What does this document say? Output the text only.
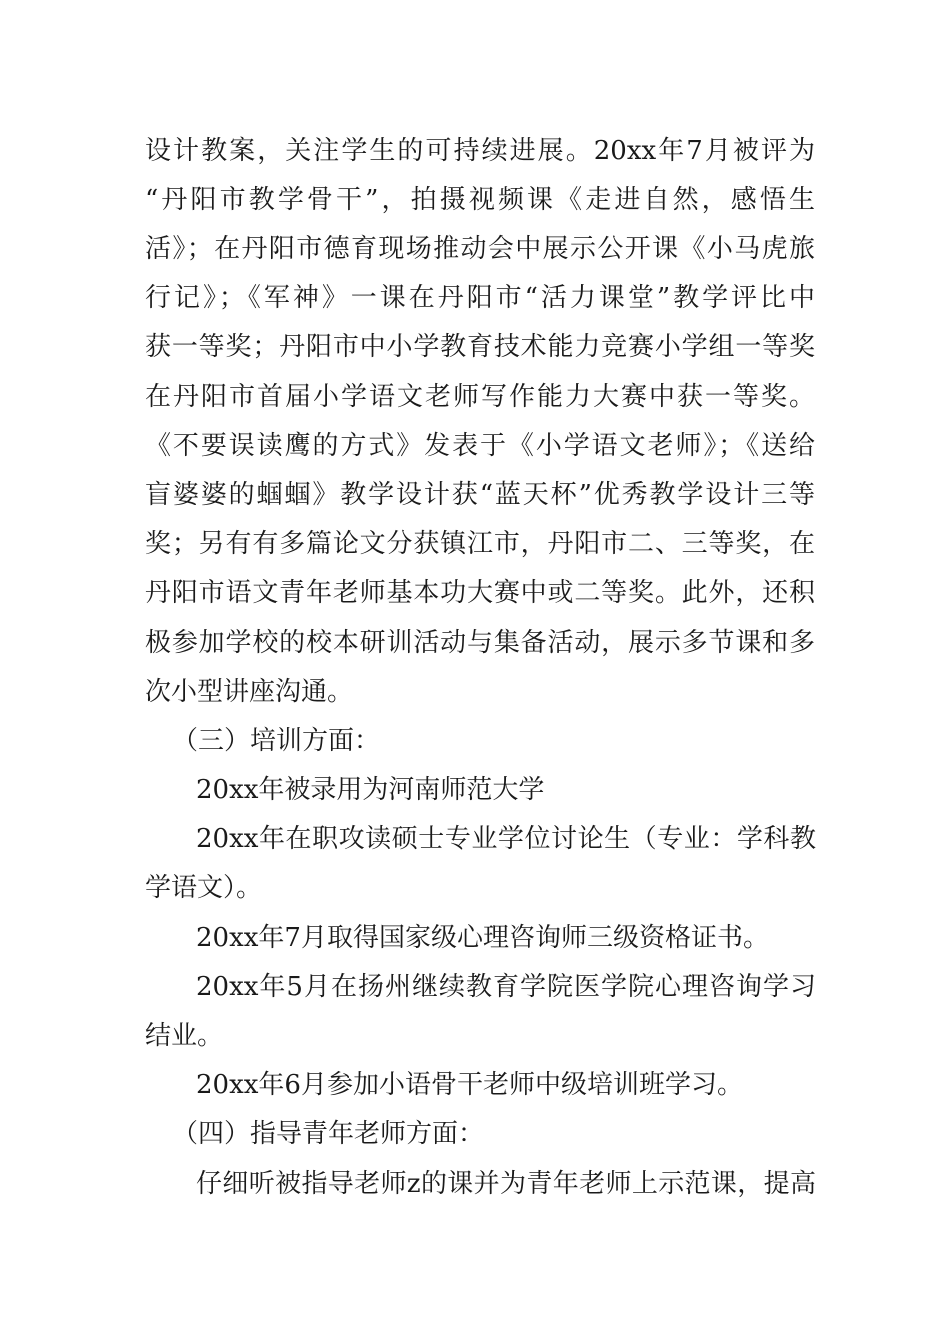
设计教案，关注学生的可持续进展。20xx年7月被评为
“丹阳市教学骨干”，拍摄视频课《走进自然，感悟生
活》；在丹阳市德育现场推动会中展示公开课《小马虎旅
行记》；《军神》一课在丹阳市“活力课堂”教学评比中
获一等奖；丹阳市中小学教育技术能力竞赛小学组一等奖
在丹阳市首届小学语文老师写作能力大赛中获一等奖。
《不要误读鹰的方式》发表于《小学语文老师》；《送给
盲婆婆的蝈蝈》教学设计获“蓝天杯”优秀教学设计三等
奖；另有有多篇论文分获镇江市，丹阳市二、三等奖，在
丹阳市语文青年老师基本功大赛中或二等奖。此外，还积
极参加学校的校本研训活动与集备活动，展示多节课和多
次小型讲座沟通。
（三）培训方面：
20xx年被录用为河南师范大学
20xx年在职攻读硕士专业学位讨论生（专业：学科教
学语文）。
20xx年7月取得国家级心理咨询师三级资格证书。
20xx年5月在扬州继续教育学院医学院心理咨询学习
结业。
20xx年6月参加小语骨干老师中级培训班学习。
（四）指导青年老师方面：
仔细听被指导老师z的课并为青年老师上示范课，提高
